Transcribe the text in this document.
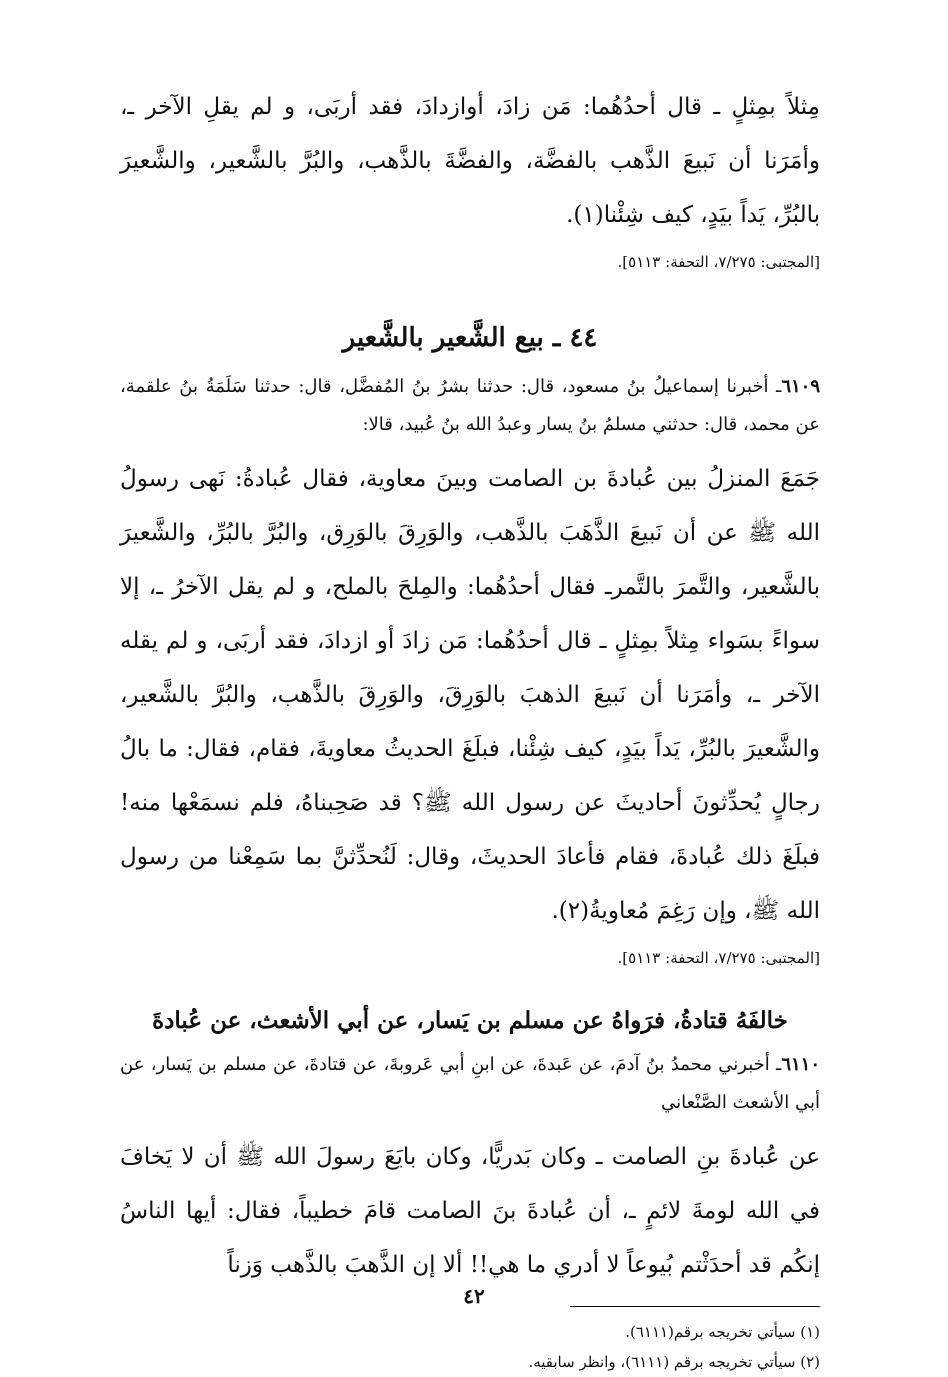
مِثلاً بمِثلٍ ـ قال أحدُهُما: مَن زادَ، أوازدادَ، فقد أربَى، و لم يقلِ الآخر ـ، وأمَرَنا أن نَبيعَ الذَّهب بالفضَّة، والفضَّةَ بالذَّهب، والبُرَّ بالشَّعير، والشَّعيرَ بالبُرِّ، يَداً بيَدٍ، كيف شِئْنا(١).

[المجتبى: ٧/٢٧٥، التحفة: ٥١١٣].

٤٤ ـ بيع الشَّعير بالشَّعير

٦١٠٩ـ أخبرنا إسماعيلُ بنُ مسعود، قال: حدثنا بشرُ بنُ المُفضَّل، قال: حدثنا سَلَمَةُ بنُ علقمة، عن محمد، قال: حدثني مسلمُ بنُ يسار وعبدُ الله بنُ عُبيد، قالا:

جَمَعَ المنزلُ بين عُبادةَ بن الصامت وبينَ معاوية، فقال عُبادةُ: نَهى رسولُ الله ﷺ عن أن نَبيعَ الذَّهَبَ بالذَّهب، والوَرِقَ بالوَرِق، والبُرَّ بالبُرِّ، والشَّعيرَ بالشَّعير، والتَّمرَ بالتَّمرـ فقال أحدُهُما: والمِلحَ بالملح، و لم يقل الآخرُ ـ، إلا سواءً بسَواء مِثلاً بمِثلٍ ـ قال أحدُهُما: مَن زادَ أو ازدادَ، فقد أربَى، و لم يقله الآخر ـ، وأمَرَنا أن نَبيعَ الذهبَ بالوَرِقَ، والوَرِقَ بالذَّهب، والبُرَّ بالشَّعير، والشَّعيرَ بالبُرِّ، يَداً بيَدٍ، كيف شِئْنا، فبلَغَ الحديثُ معاويةَ، فقام، فقال: ما بالُ رجالٍ يُحدِّثونَ أحاديثَ عن رسول الله ﷺ؟ قد صَحِبناهُ، فلم نسمَعْها منه! فبلَغَ ذلك عُبادةَ، فقام فأعادَ الحديثَ، وقال: لَنُحدِّثنَّ بما سَمِعْنا من رسول الله ﷺ، وإن رَغِمَ مُعاويةُ(٢).

[المجتبى: ٧/٢٧٥، التحفة: ٥١١٣].

خالفَهُ قتادةُ، فرَواهُ عن مسلم بن يَسار، عن أبي الأشعث، عن عُبادةَ

٦١١٠ـ أخبرني محمدُ بنُ آدمَ، عن عَبدةَ، عن ابنِ أبي عَروبةَ، عن قتادةَ، عن مسلم بن يَسار، عن أبي الأشعث الصَّنْعاني

عن عُبادةَ بنِ الصامت ـ وكان بَدريًّا، وكان بايَعَ رسولَ الله ﷺ أن لا يَخافَ في الله لومةَ لائمٍ ـ، أن عُبادةَ بنَ الصامت قامَ خطيباً، فقال: أيها الناسُ إنكُم قد أحدَثْتم بُيوعاً لا أدري ما هي!! ألا إن الذَّهبَ بالذَّهب وَزناً

(١) سيأتي تخريجه برقم(٦١١١).

(٢) سيأتي تخريجه برقم (٦١١١)، وانظر سابقيه.

٤٢
